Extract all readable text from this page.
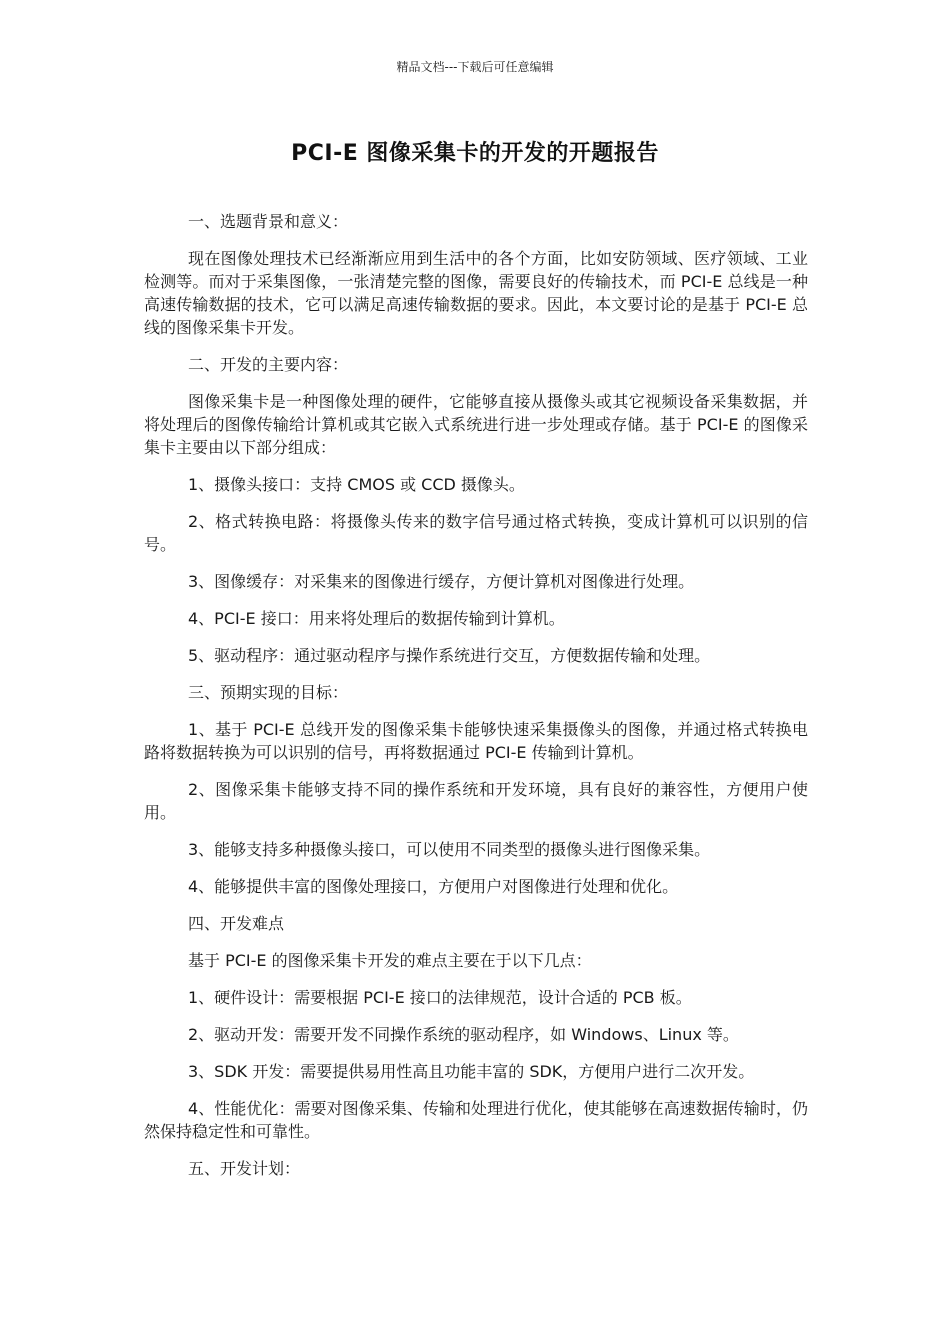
精品文档---下载后可任意编辑
PCI-E 图像采集卡的开发的开题报告

一、选题背景和意义：

现在图像处理技术已经渐渐应用到生活中的各个方面，比如安防领域、医疗领域、工业检测等。而对于采集图像，一张清楚完整的图像，需要良好的传输技术，而 PCI-E 总线是一种高速传输数据的技术，它可以满足高速传输数据的要求。因此，本文要讨论的是基于 PCI-E 总线的图像采集卡开发。

二、开发的主要内容：

图像采集卡是一种图像处理的硬件，它能够直接从摄像头或其它视频设备采集数据，并将处理后的图像传输给计算机或其它嵌入式系统进行进一步处理或存储。基于 PCI-E 的图像采集卡主要由以下部分组成：

1、摄像头接口：支持 CMOS 或 CCD 摄像头。

2、格式转换电路：将摄像头传来的数字信号通过格式转换，变成计算机可以识别的信号。

3、图像缓存：对采集来的图像进行缓存，方便计算机对图像进行处理。

4、PCI-E 接口：用来将处理后的数据传输到计算机。

5、驱动程序：通过驱动程序与操作系统进行交互，方便数据传输和处理。

三、预期实现的目标：

1、基于 PCI-E 总线开发的图像采集卡能够快速采集摄像头的图像，并通过格式转换电路将数据转换为可以识别的信号，再将数据通过 PCI-E 传输到计算机。

2、图像采集卡能够支持不同的操作系统和开发环境，具有良好的兼容性，方便用户使用。

3、能够支持多种摄像头接口，可以使用不同类型的摄像头进行图像采集。

4、能够提供丰富的图像处理接口，方便用户对图像进行处理和优化。

四、开发难点

基于 PCI-E 的图像采集卡开发的难点主要在于以下几点：

1、硬件设计：需要根据 PCI-E 接口的法律规范，设计合适的 PCB 板。

2、驱动开发：需要开发不同操作系统的驱动程序，如 Windows、Linux 等。

3、SDK 开发：需要提供易用性高且功能丰富的 SDK，方便用户进行二次开发。

4、性能优化：需要对图像采集、传输和处理进行优化，使其能够在高速数据传输时，仍然保持稳定性和可靠性。

五、开发计划：
